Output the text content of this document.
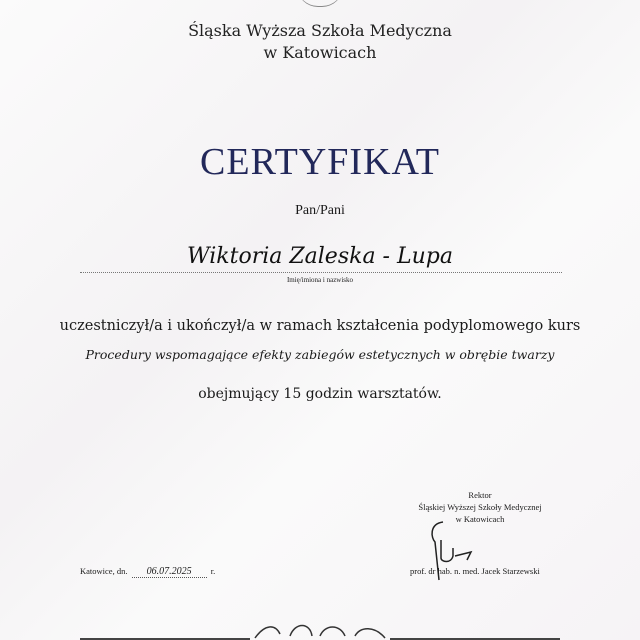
Śląska Wyższa Szkoła Medyczna
w Katowicach
CERTYFIKAT
Pan/Pani
Wiktoria Zaleska - Lupa
Imię/imiona i nazwisko
uczestniczył/a i ukończył/a w ramach kształcenia podyplomowego kurs
Procedury wspomagające efekty zabiegów estetycznych w obrębie twarzy
obejmujący 15 godzin warsztatów.
Rektor
Śląskiej Wyższej Szkoły Medycznej
w Katowicach
prof. dr hab. n. med. Jacek Starzewski
Katowice, dn. 06.07.2025 r.
